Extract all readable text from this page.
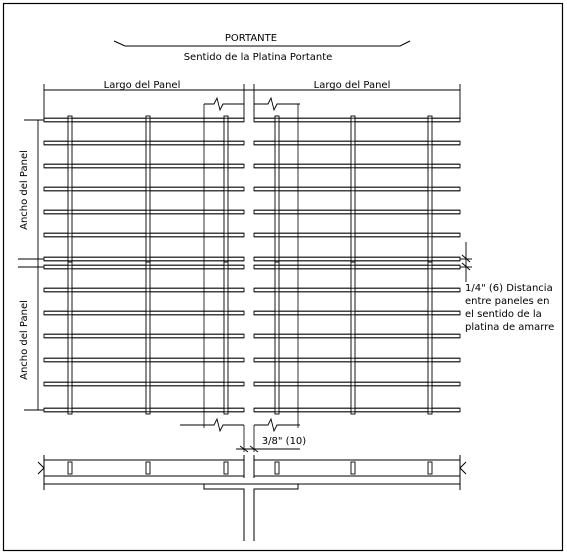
PORTANTE
Sentido de la Platina Portante
Largo del Panel	Largo del Panel
Ancho del Panel
Ancho del Panel
3/8" (10)
1/4" (6) Distancia
entre paneles en
el sentido de la
platina de amarre
